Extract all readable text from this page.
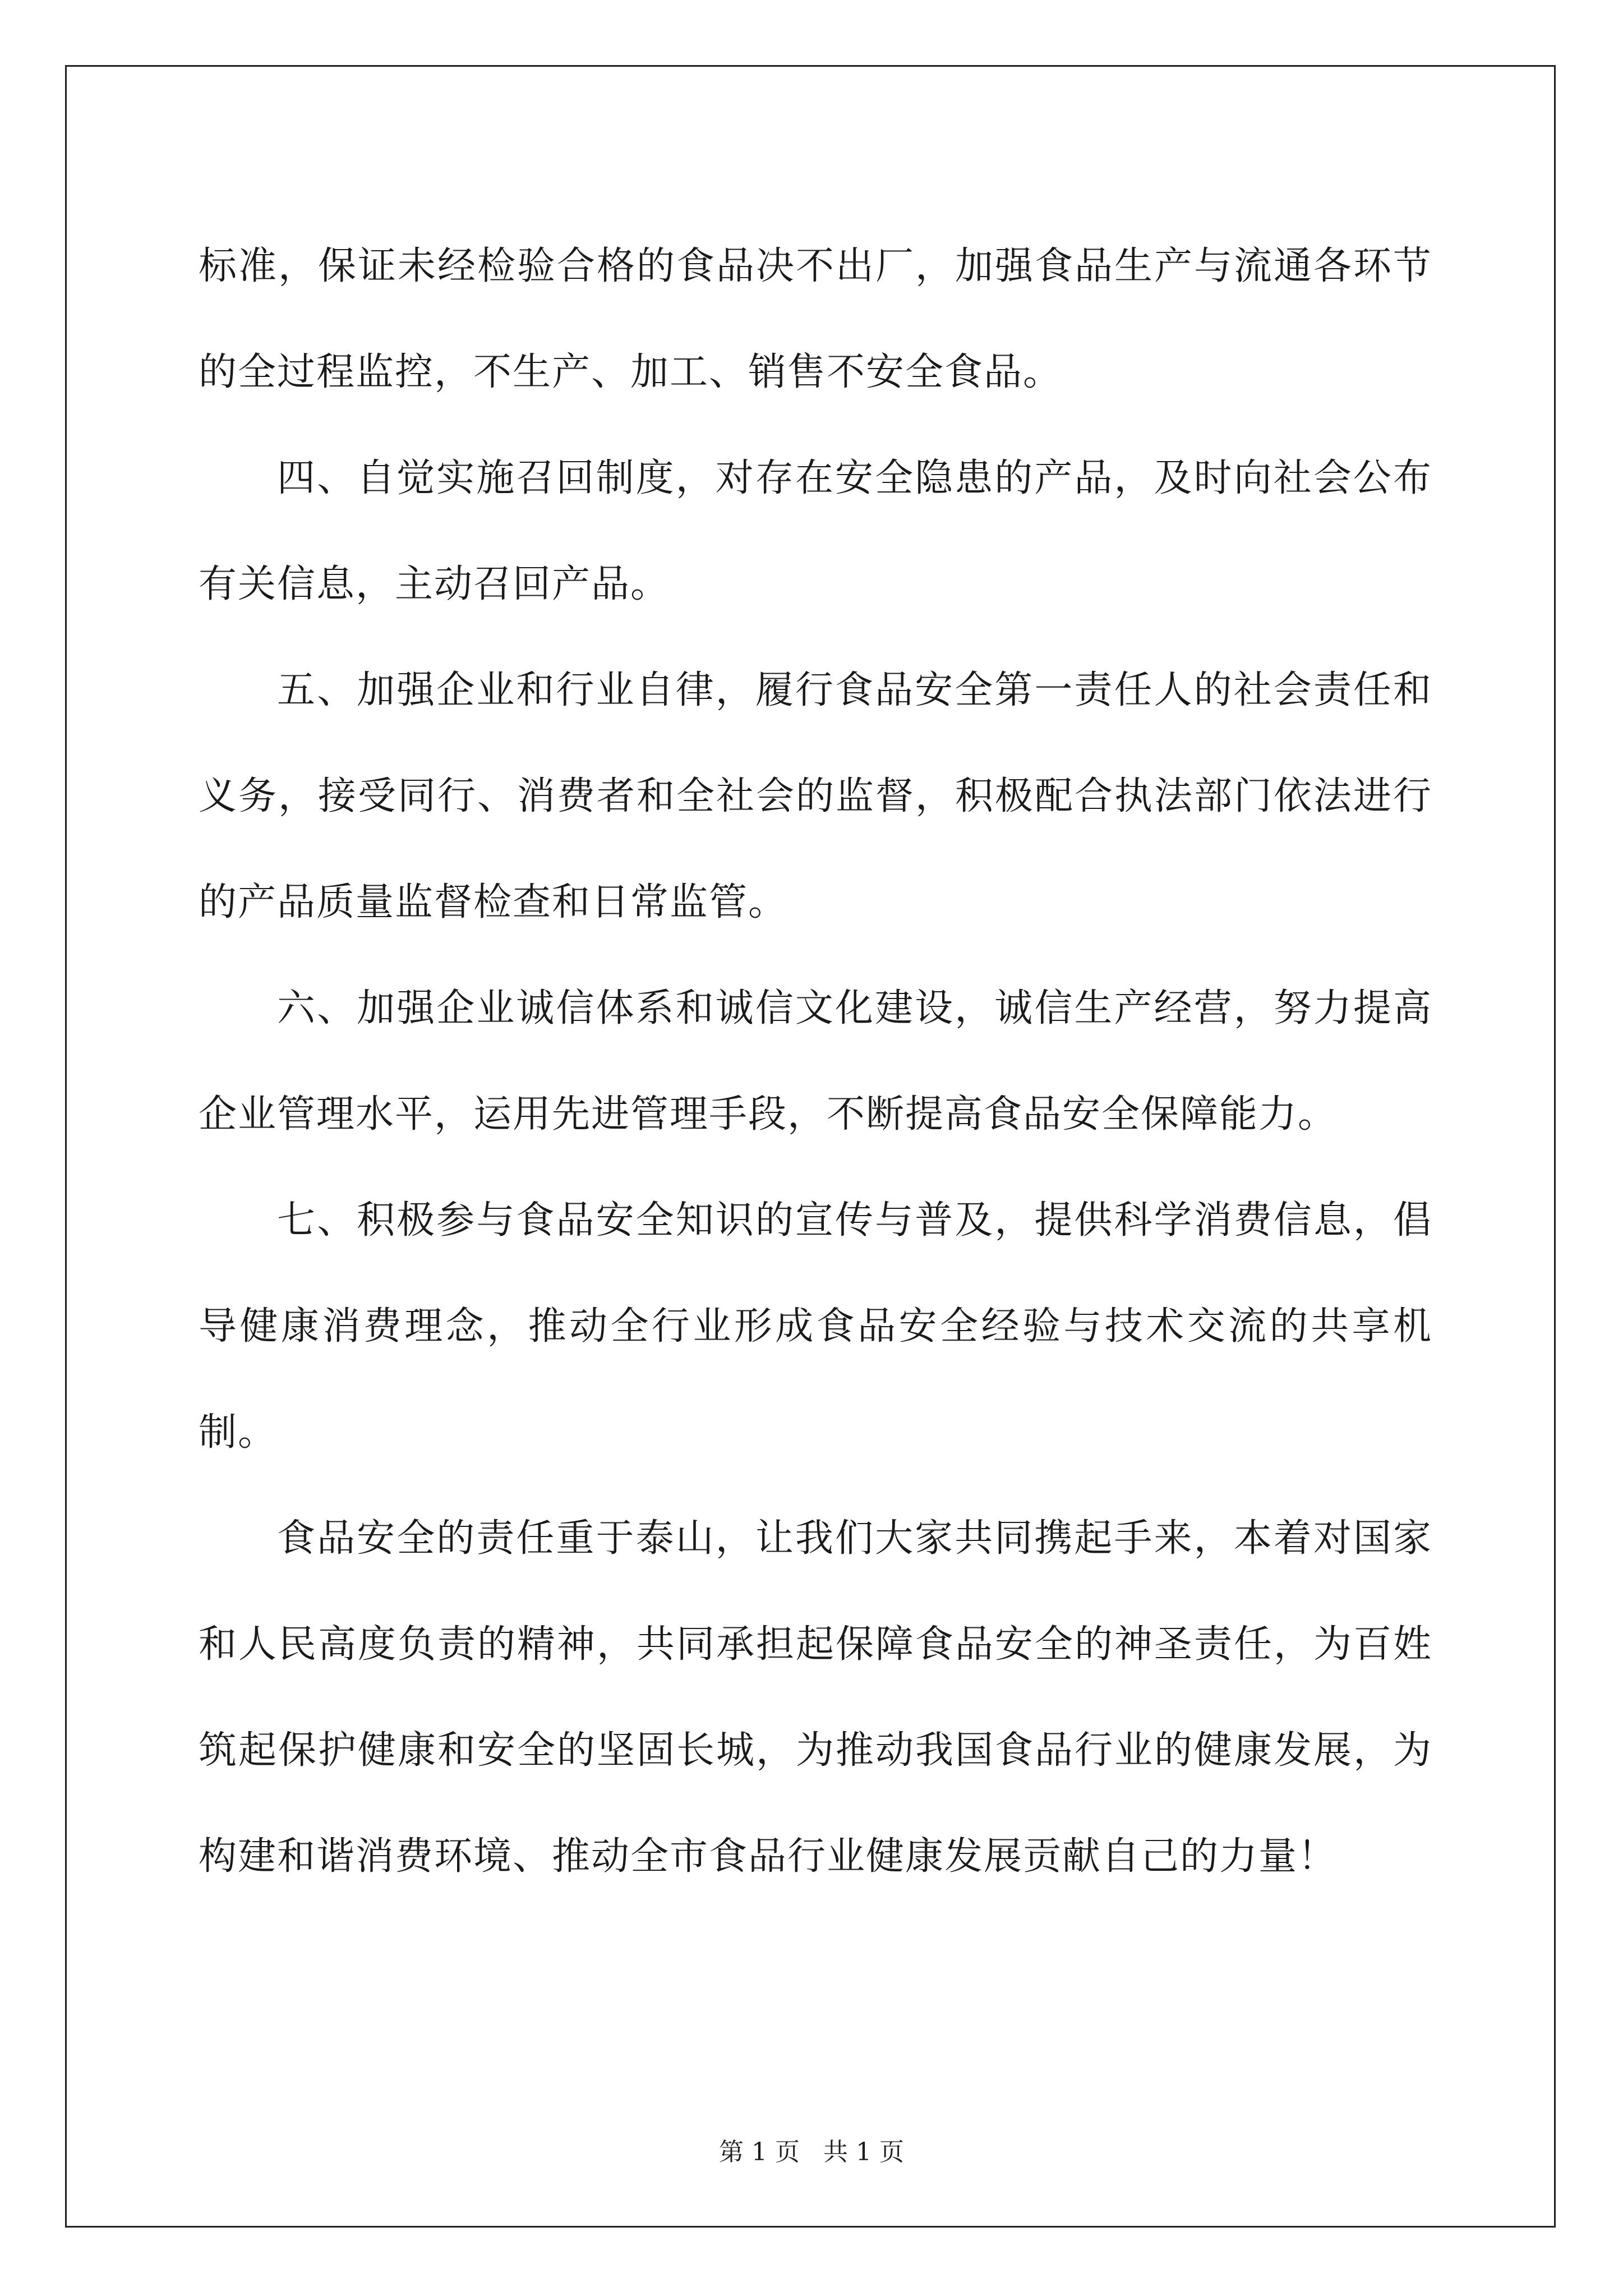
标准，保证未经检验合格的食品决不出厂，加强食品生产与流通各环节的全过程监控，不生产、加工、销售不安全食品。

四、自觉实施召回制度，对存在安全隐患的产品，及时向社会公布有关信息，主动召回产品。

五、加强企业和行业自律，履行食品安全第一责任人的社会责任和义务，接受同行、消费者和全社会的监督，积极配合执法部门依法进行的产品质量监督检查和日常监管。

六、加强企业诚信体系和诚信文化建设，诚信生产经营，努力提高企业管理水平，运用先进管理手段，不断提高食品安全保障能力。

七、积极参与食品安全知识的宣传与普及，提供科学消费信息，倡导健康消费理念，推动全行业形成食品安全经验与技术交流的共享机制。

食品安全的责任重于泰山，让我们大家共同携起手来，本着对国家和人民高度负责的精神，共同承担起保障食品安全的神圣责任，为百姓筑起保护健康和安全的坚固长城，为推动我国食品行业的健康发展，为构建和谐消费环境、推动全市食品行业健康发展贡献自己的力量！

第 1 页 共 1 页
